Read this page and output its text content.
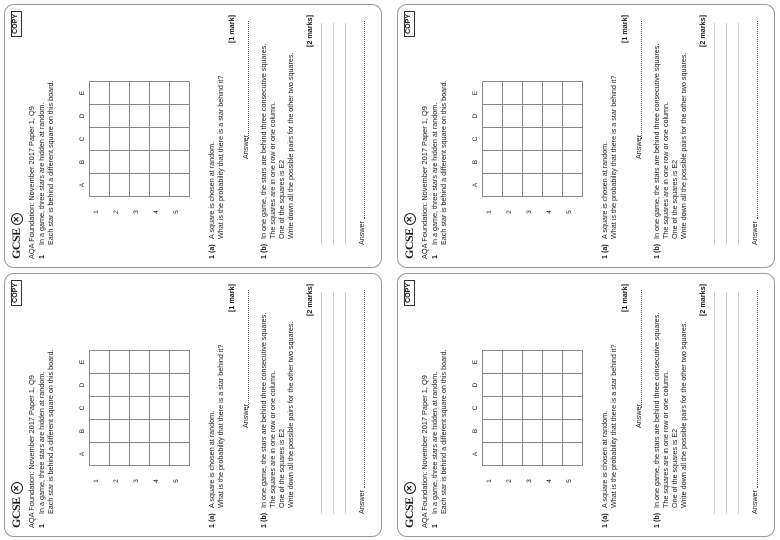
GCSE
✕
COPY
AQA Foundation: November 2017 Paper 1, Q9 1
In a game, three stars are hidden at random.
Each star is behind a different square on this board.
A
B
C
D
E
1 2 3 4 5

1 (a)
A square is chosen at random.
What is the probability that there is a star behind it?
[1 mark]
Answer
1 (b)
In one game, the stars are behind three consecutive squares.
The squares are in one row or one column.
One of the squares is E2
Write down all the possible pairs for the other two squares.
[2 marks]
Answer
GCSE
✕
COPY
AQA Foundation: November 2017 Paper 1, Q9 1
In a game, three stars are hidden at random.
Each star is behind a different square on this board.
A
B
C
D
E
1 2 3 4 5

1 (a)
A square is chosen at random.
What is the probability that there is a star behind it?
[1 mark]
Answer
1 (b)
In one game, the stars are behind three consecutive squares.
The squares are in one row or one column.
One of the squares is E2
Write down all the possible pairs for the other two squares.
[2 marks]
Answer
GCSE
✕
COPY
AQA Foundation: November 2017 Paper 1, Q9 1
In a game, three stars are hidden at random.
Each star is behind a different square on this board.
A
B
C
D
E
1 2 3 4 5

1 (a)
A square is chosen at random.
What is the probability that there is a star behind it?
[1 mark]
Answer
1 (b)
In one game, the stars are behind three consecutive squares.
The squares are in one row or one column.
One of the squares is E2
Write down all the possible pairs for the other two squares.
[2 marks]
Answer
GCSE
✕
COPY
AQA Foundation: November 2017 Paper 1, Q9 1
In a game, three stars are hidden at random.
Each star is behind a different square on this board.
A
B
C
D
E
1 2 3 4 5

1 (a)
A square is chosen at random.
What is the probability that there is a star behind it?
[1 mark]
Answer
1 (b)
In one game, the stars are behind three consecutive squares.
The squares are in one row or one column.
One of the squares is E2
Write down all the possible pairs for the other two squares.
[2 marks]
Answer
